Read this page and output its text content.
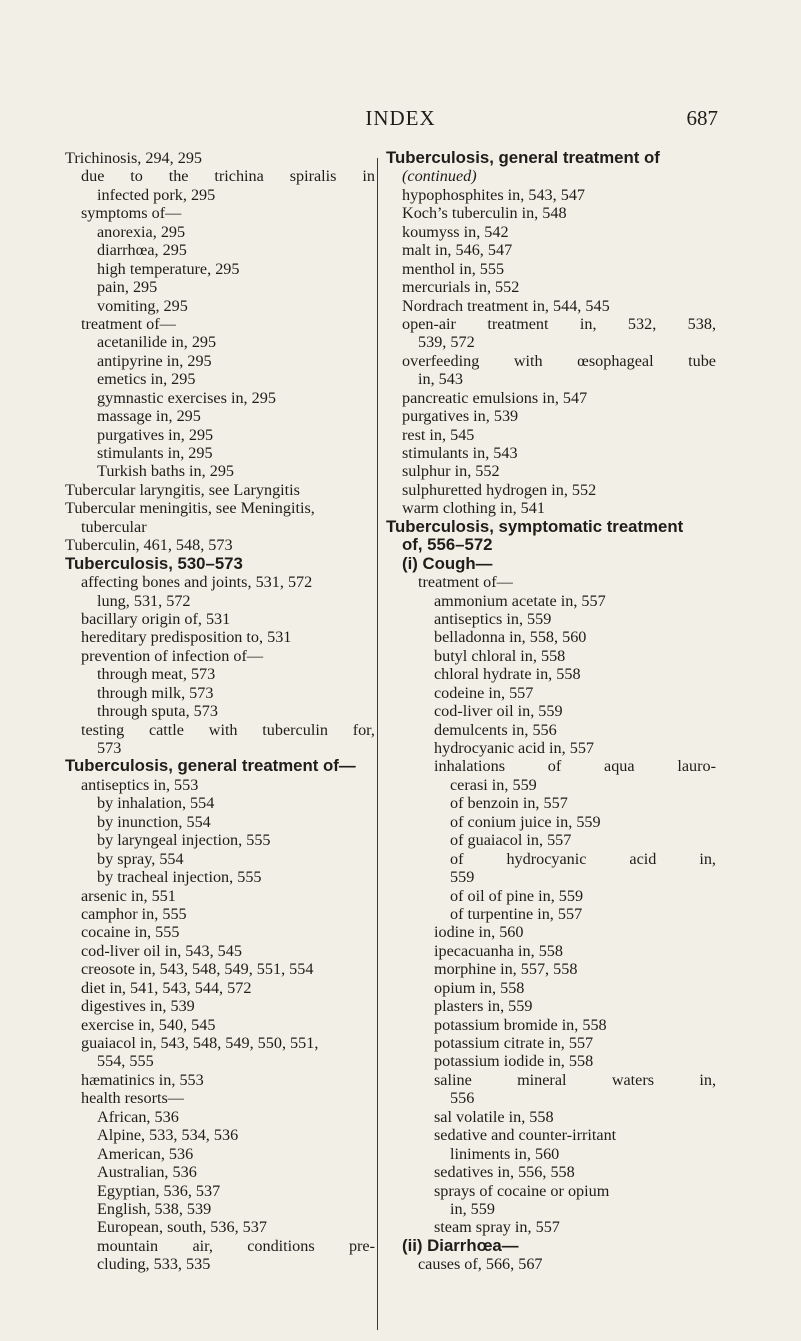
INDEX	687
Trichinosis, 294, 295
due to the trichina spiralis in
infected pork, 295
symptoms of—
anorexia, 295
diarrhœa, 295
high temperature, 295
pain, 295
vomiting, 295
treatment of—
acetanilide in, 295
antipyrine in, 295
emetics in, 295
gymnastic exercises in, 295
massage in, 295
purgatives in, 295
stimulants in, 295
Turkish baths in, 295
Tubercular laryngitis, see Laryngitis
Tubercular meningitis, see Meningitis,
tubercular
Tuberculin, 461, 548, 573
Tuberculosis, 530–573
affecting bones and joints, 531, 572
lung, 531, 572
bacillary origin of, 531
hereditary predisposition to, 531
prevention of infection of—
through meat, 573
through milk, 573
through sputa, 573
testing cattle with tuberculin for,
573
Tuberculosis, general treatment of—
antiseptics in, 553
by inhalation, 554
by inunction, 554
by laryngeal injection, 555
by spray, 554
by tracheal injection, 555
arsenic in, 551
camphor in, 555
cocaine in, 555
cod-liver oil in, 543, 545
creosote in, 543, 548, 549, 551, 554
diet in, 541, 543, 544, 572
digestives in, 539
exercise in, 540, 545
guaiacol in, 543, 548, 549, 550, 551,
554, 555
hæmatinics in, 553
health resorts—
African, 536
Alpine, 533, 534, 536
American, 536
Australian, 536
Egyptian, 536, 537
English, 538, 539
European, south, 536, 537
mountain air, conditions pre-
cluding, 533, 535
Tuberculosis, general treatment of
(continued)
hypophosphites in, 543, 547
Koch’s tuberculin in, 548
koumyss in, 542
malt in, 546, 547
menthol in, 555
mercurials in, 552
Nordrach treatment in, 544, 545
open-air treatment in, 532, 538,
539, 572
overfeeding with œsophageal tube
in, 543
pancreatic emulsions in, 547
purgatives in, 539
rest in, 545
stimulants in, 543
sulphur in, 552
sulphuretted hydrogen in, 552
warm clothing in, 541
Tuberculosis, symptomatic treatment
of, 556–572
(i) Cough—
treatment of—
ammonium acetate in, 557
antiseptics in, 559
belladonna in, 558, 560
butyl chloral in, 558
chloral hydrate in, 558
codeine in, 557
cod-liver oil in, 559
demulcents in, 556
hydrocyanic acid in, 557
inhalations	of	aqua	lauro-
cerasi in, 559
of benzoin in, 557
of conium juice in, 559
of guaiacol in, 557
of	hydrocyanic	acid	in,
559
of oil of pine in, 559
of turpentine in, 557
iodine in, 560
ipecacuanha in, 558
morphine in, 557, 558
opium in, 558
plasters in, 559
potassium bromide in, 558
potassium citrate in, 557
potassium iodide in, 558
saline	mineral	waters	in,
556
sal volatile in, 558
sedative and counter-irritant
liniments in, 560
sedatives in, 556, 558
sprays of cocaine or opium
in, 559
steam spray in, 557
(ii) Diarrhœa—
causes of, 566, 567
